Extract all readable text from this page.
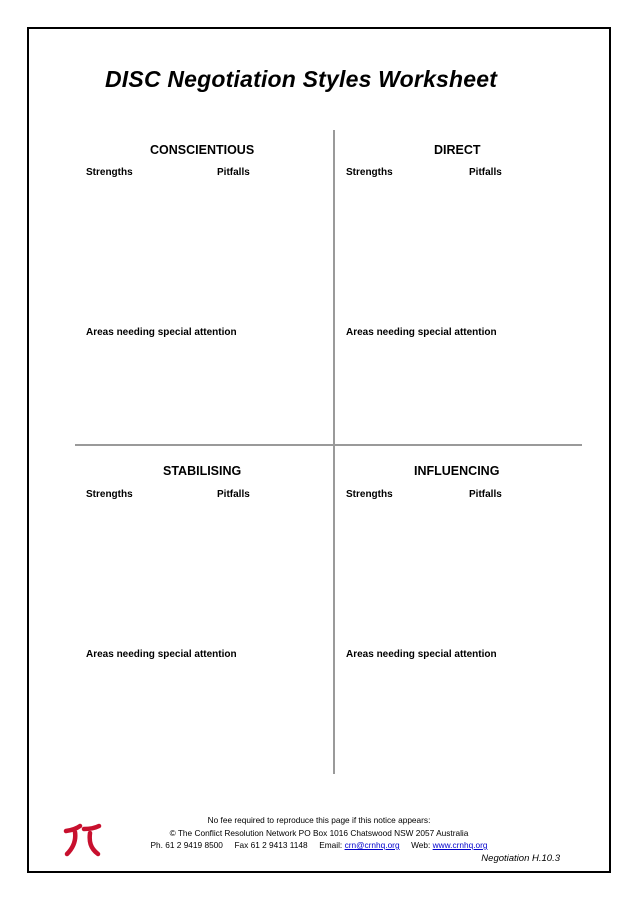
DISC Negotiation Styles Worksheet
CONSCIENTIOUS
Strengths	Pitfalls
Areas needing special attention
DIRECT
Strengths	Pitfalls
Areas needing special attention
STABILISING
Strengths	Pitfalls
Areas needing special attention
INFLUENCING
Strengths	Pitfalls
Areas needing special attention
No fee required to reproduce this page if this notice appears:
© The Conflict Resolution Network PO Box 1016 Chatswood NSW 2057 Australia
Ph. 61 2 9419 8500 Fax 61 2 9413 1148 Email: crn@crnhq.org Web: www.crnhq.org
Negotiation H.10.3
